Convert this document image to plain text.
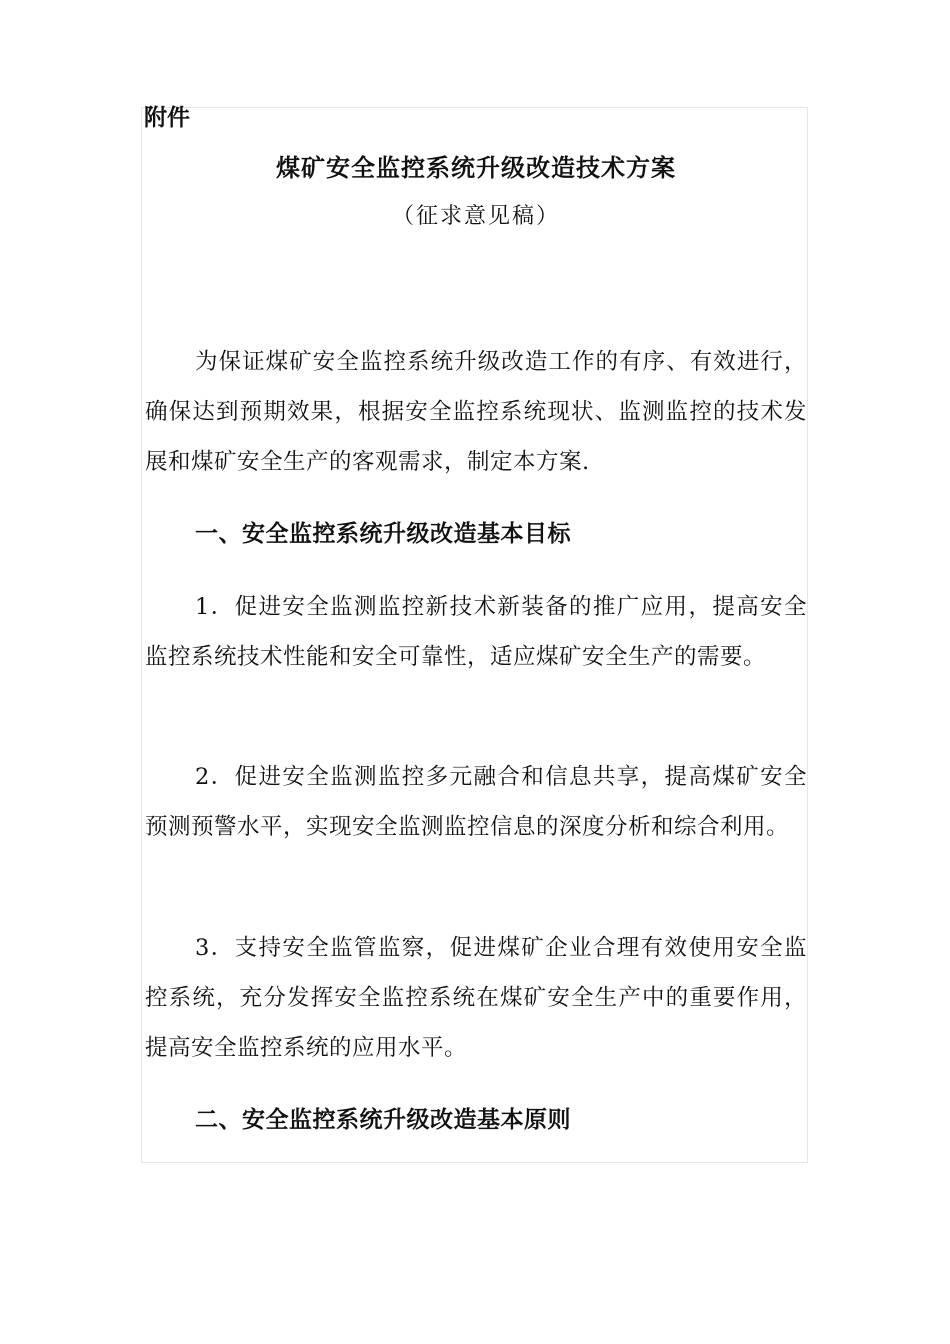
附件
煤矿安全监控系统升级改造技术方案
（征求意见稿）

为保证煤矿安全监控系统升级改造工作的有序、有效进行，确保达到预期效果，根据安全监控系统现状、监测监控的技术发展和煤矿安全生产的客观需求，制定本方案.

一、安全监控系统升级改造基本目标

1．促进安全监测监控新技术新装备的推广应用，提高安全监控系统技术性能和安全可靠性，适应煤矿安全生产的需要。

2．促进安全监测监控多元融合和信息共享，提高煤矿安全预测预警水平，实现安全监测监控信息的深度分析和综合利用。

3．支持安全监管监察，促进煤矿企业合理有效使用安全监控系统，充分发挥安全监控系统在煤矿安全生产中的重要作用，提高安全监控系统的应用水平。

二、安全监控系统升级改造基本原则
